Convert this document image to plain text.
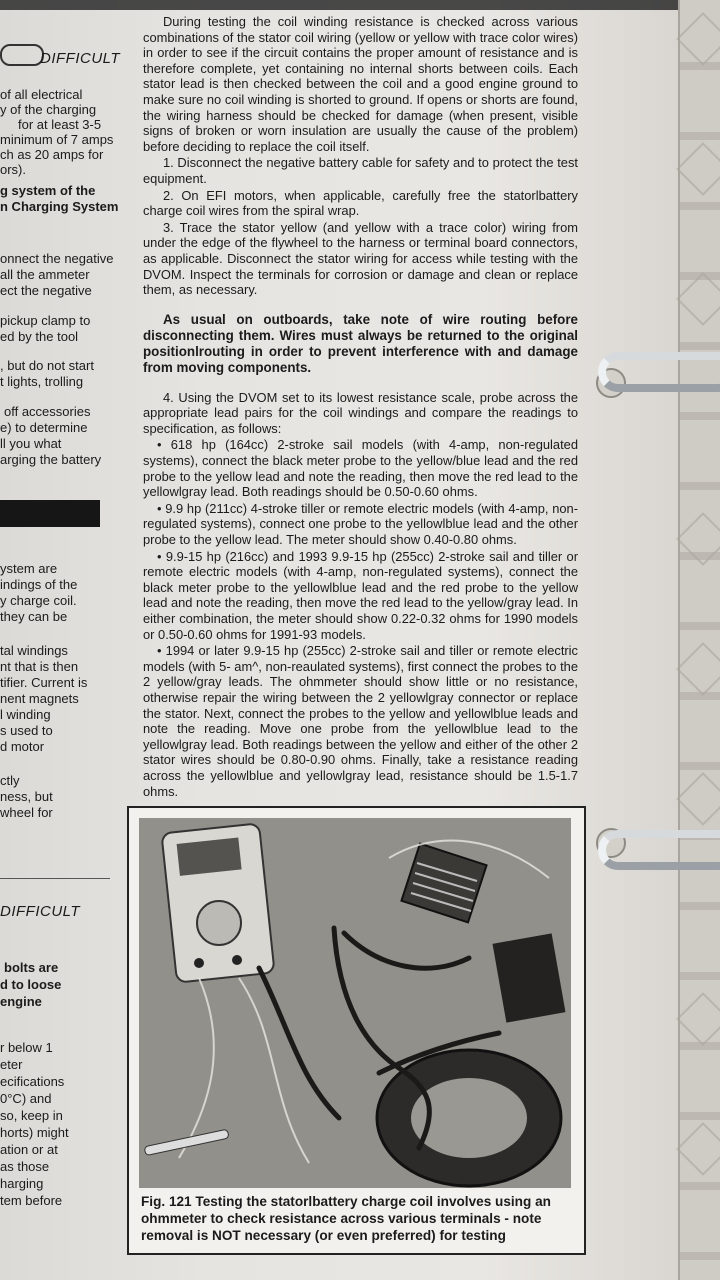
DIFFICULT
of all electrical
y of the charging
for at least 3-5
minimum of 7 amps
ch as 20 amps for
ors).
g system of the
n Charging System
onnect the negative
all the ammeter
ect the negative
pickup clamp to
ed by the tool
, but do not start
t lights, trolling
off accessories
e) to determine
ll you what
arging the battery
ystem are
indings of the
y charge coil.
they can be
tal windings
nt that is then
tifier. Current is
nent magnets
l winding
s used to
d motor
ctly
ness, but
wheel for
DIFFICULT
bolts are
d to loose
engine
r below 1
eter
ecifications
0°C) and
so, keep in
horts) might
ation or at
as those
harging
tem before

During testing the coil winding resistance is checked across various combinations of the stator coil wiring (yellow or yellow with trace color wires) in order to see if the circuit contains the proper amount of resistance and is therefore complete, yet containing no internal shorts between coils. Each stator lead is then checked between the coil and a good engine ground to make sure no coil winding is shorted to ground. If opens or shorts are found, the wiring harness should be checked for damage (when present, visible signs of broken or worn insulation are usually the cause of the problem) before deciding to replace the coil itself.

1. Disconnect the negative battery cable for safety and to protect the test equipment.

2. On EFI motors, when applicable, carefully free the statorlbattery charge coil wires from the spiral wrap.

3. Trace the stator yellow (and yellow with a trace color) wiring from under the edge of the flywheel to the harness or terminal board connectors, as applicable. Disconnect the stator wiring for access while testing with the DVOM. Inspect the terminals for corrosion or damage and clean or replace them, as necessary.

As usual on outboards, take note of wire routing before disconnecting them. Wires must always be returned to the original positionlrouting in order to prevent interference with and damage from moving components.

4. Using the DVOM set to its lowest resistance scale, probe across the appropriate lead pairs for the coil windings and compare the readings to specification, as follows:

• 618 hp (164cc) 2-stroke sail models (with 4-amp, non-regulated systems), connect the black meter probe to the yellow/blue lead and the red probe to the yellow lead and note the reading, then move the red lead to the yellowlgray lead. Both readings should be 0.50-0.60 ohms.

• 9.9 hp (211cc) 4-stroke tiller or remote electric models (with 4-amp, non-regulated systems), connect one probe to the yellowlblue lead and the other probe to the yellow lead. The meter should show 0.40-0.80 ohms.

• 9.9-15 hp (216cc) and 1993 9.9-15 hp (255cc) 2-stroke sail and tiller or remote electric models (with 4-amp, non-regulated systems), connect the black meter probe to the yellowlblue lead and the red probe to the yellow lead and note the reading, then move the red lead to the yellow/gray lead. In either combination, the meter should show 0.22-0.32 ohms for 1990 models or 0.50-0.60 ohms for 1991-93 models.

• 1994 or later 9.9-15 hp (255cc) 2-stroke sail and tiller or remote electric models (with 5- am^, non-reaulated systems), first connect the probes to the 2 yellow/gray leads. The ohmmeter should show little or no resistance, otherwise repair the wiring between the 2 yellowlgray connector or replace the stator. Next, connect the probes to the yellow and yellowlblue leads and note the reading. Move one probe from the yellowlblue lead to the yellowlgray lead. Both readings between the yellow and either of the other 2 stator wires should be 0.80-0.90 ohms. Finally, take a resistance reading across the yellowlblue and yellowlgray lead, resistance should be 1.5-1.7 ohms.

Fig. 121 Testing the statorlbattery charge coil involves using an ohmmeter to check resistance across various terminals - note removal is NOT necessary (or even preferred) for testing
